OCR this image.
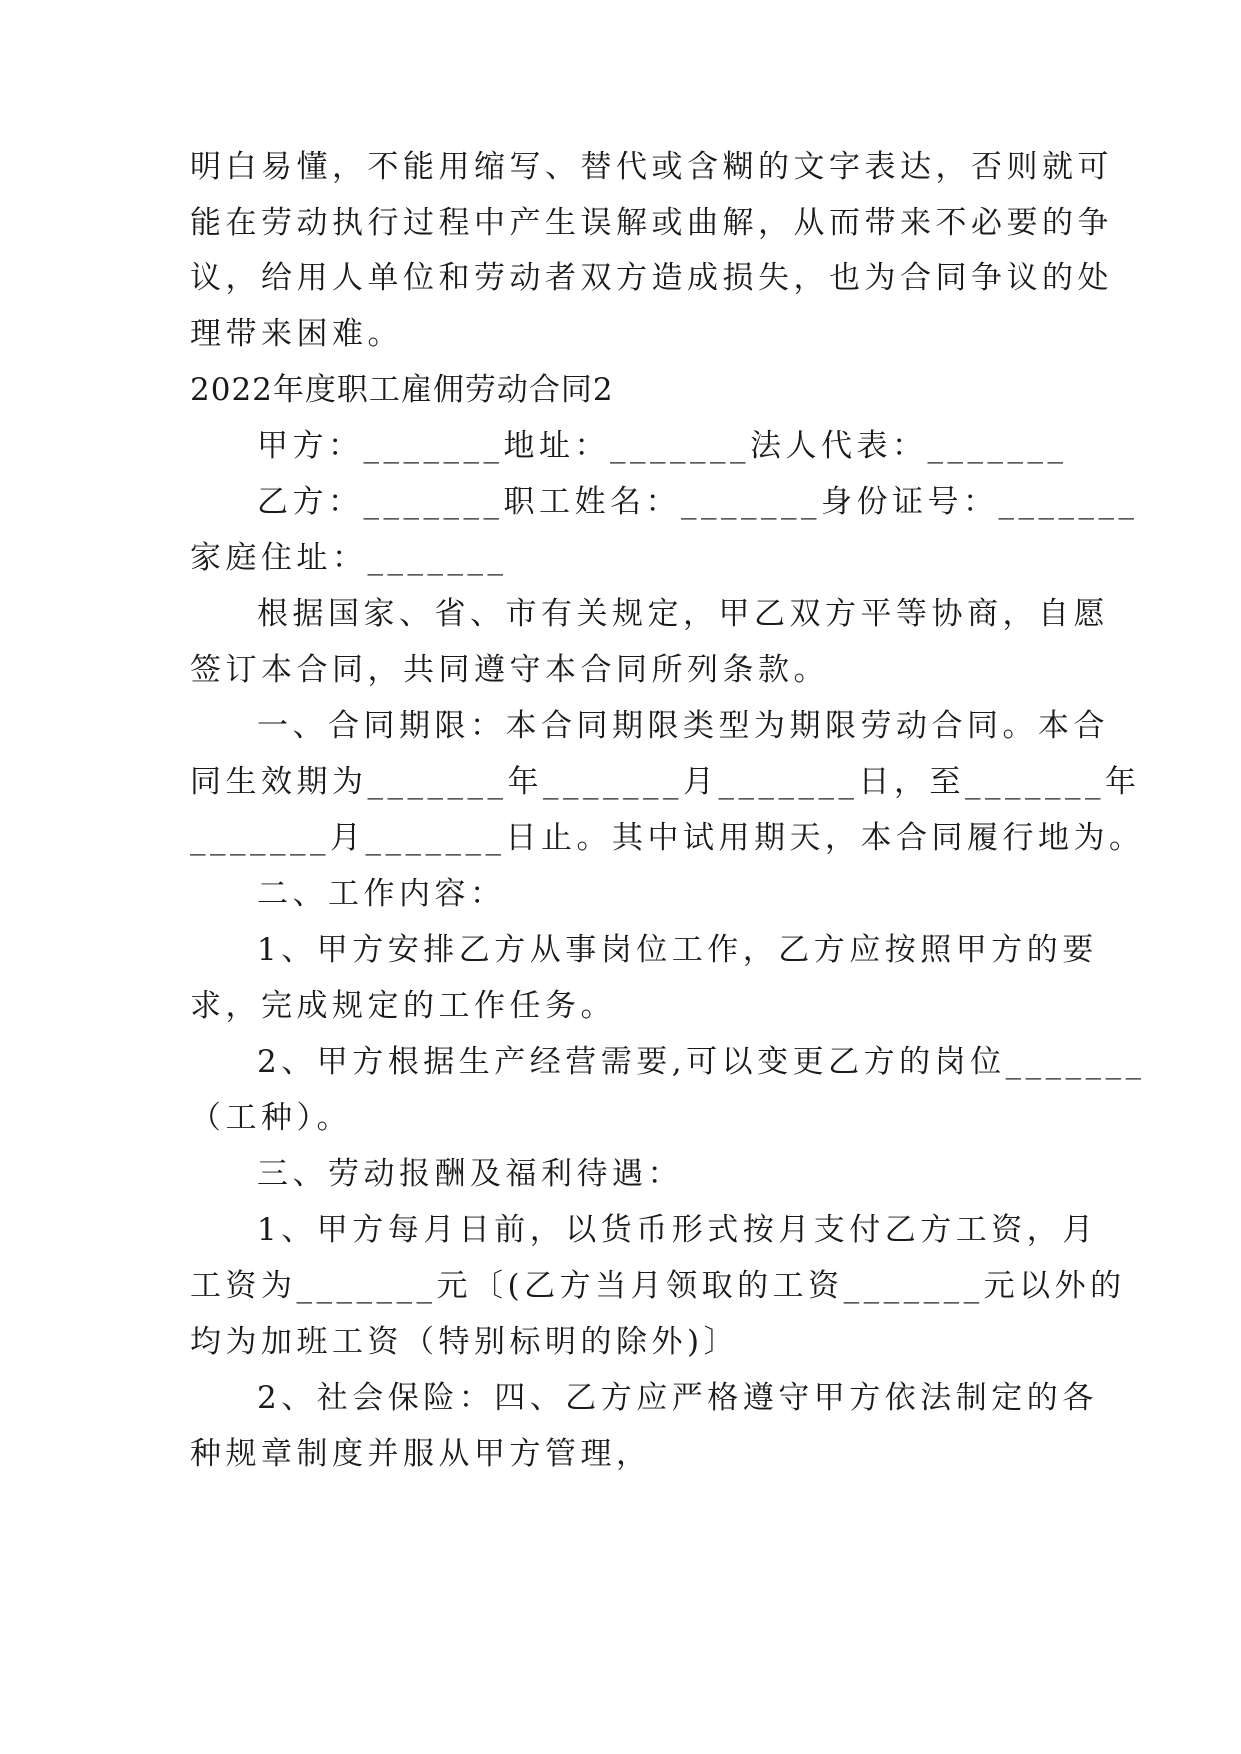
明白易懂，不能用缩写、替代或含糊的文字表达，否则就可
能在劳动执行过程中产生误解或曲解，从而带来不必要的争
议，给用人单位和劳动者双方造成损失，也为合同争议的处
理带来困难。
2022年度职工雇佣劳动合同2
甲方：_______地址：_______法人代表：_______
乙方：_______职工姓名：_______身份证号：_______
家庭住址：_______
根据国家、省、市有关规定，甲乙双方平等协商，自愿
签订本合同，共同遵守本合同所列条款。
一、合同期限：本合同期限类型为期限劳动合同。本合
同生效期为_______年_______月_______日，至_______年
_______月_______日止。其中试用期天，本合同履行地为。
二、工作内容：
1、甲方安排乙方从事岗位工作，乙方应按照甲方的要
求，完成规定的工作任务。
2、甲方根据生产经营需要,可以变更乙方的岗位_______
（工种）。
三、劳动报酬及福利待遇：
1、甲方每月日前，以货币形式按月支付乙方工资，月
工资为_______元〔(乙方当月领取的工资_______元以外的
均为加班工资（特别标明的除外)〕
2、社会保险：四、乙方应严格遵守甲方依法制定的各
种规章制度并服从甲方管理，
